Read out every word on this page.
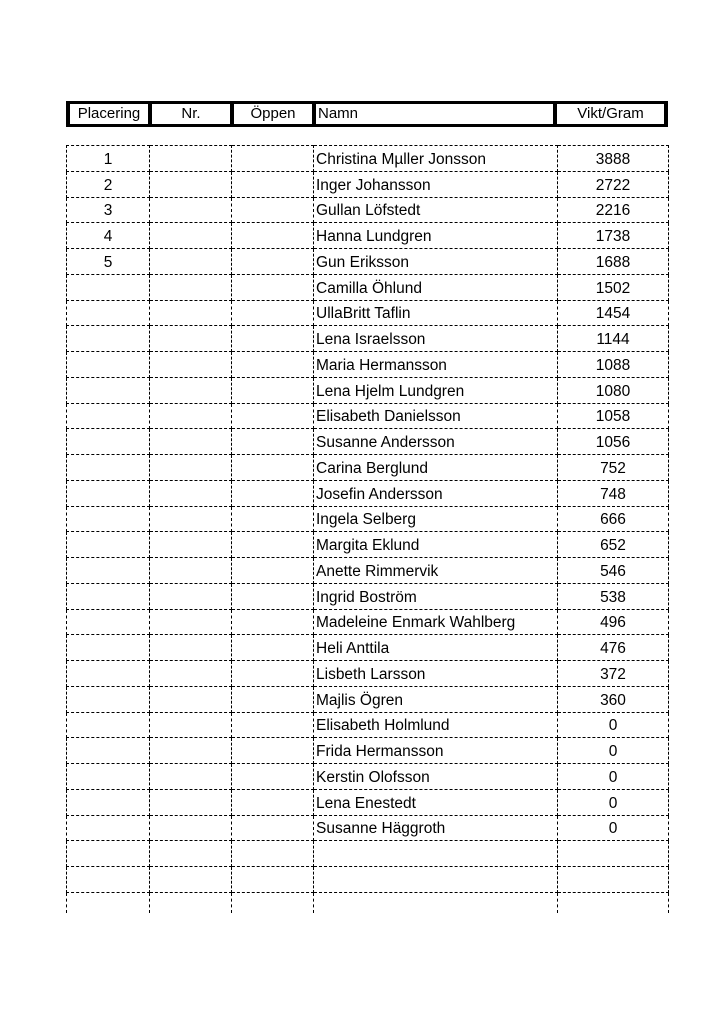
Placering	Nr.	Öppen	Namn	Vikt/Gram
1			Christina Mµller Jonsson	3888
2			Inger Johansson	2722
3			Gullan Löfstedt	2216
4			Hanna Lundgren	1738
5			Gun Eriksson	1688
			Camilla Öhlund	1502
			UllaBritt Taflin	1454
			Lena Israelsson	1144
			Maria Hermansson	1088
			Lena Hjelm Lundgren	1080
			Elisabeth Danielsson	1058
			Susanne Andersson	1056
			Carina Berglund	752
			Josefin Andersson	748
			Ingela Selberg	666
			Margita Eklund	652
			Anette Rimmervik	546
			Ingrid Boström	538
			Madeleine Enmark Wahlberg	496
			Heli Anttila	476
			Lisbeth Larsson	372
			Majlis Ögren	360
			Elisabeth Holmlund	0
			Frida Hermansson	0
			Kerstin Olofsson	0
			Lena Enestedt	0
			Susanne Häggroth	0
